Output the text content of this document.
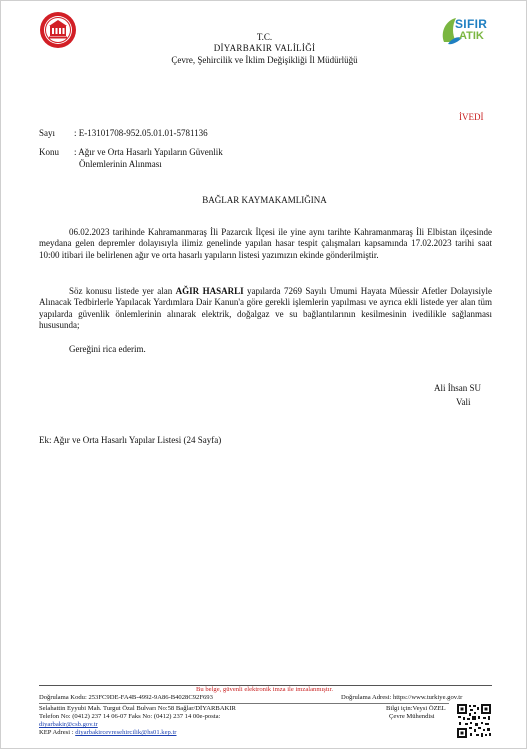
SIFIR
ATIK
T.C.
DİYARBAKIR VALİLİĞİ
Çevre, Şehircilik ve İklim Değişikliği İl Müdürlüğü
İVEDİ
Sayı : E-13101708-952.05.01.01-5781136
Konu : Ağır ve Orta Hasarlı Yapıların Güvenlik
Önlemlerinin Alınması
BAĞLAR KAYMAKAMLIĞINA
06.02.2023 tarihinde Kahramanmaraş İli Pazarcık İlçesi ile yine aynı tarihte Kahramanmaraş İli Elbistan ilçesinde meydana gelen depremler dolayısıyla ilimiz genelinde yapılan hasar tespit çalışmaları kapsamında 17.02.2023 tarihi saat 10:00 itibari ile belirlenen ağır ve orta hasarlı yapıların listesi yazımızın ekinde gönderilmiştir.
Söz konusu listede yer alan AĞIR HASARLI yapılarda 7269 Sayılı Umumi Hayata Müessir Afetler Dolayısiyle Alınacak Tedbirlerle Yapılacak Yardımlara Dair Kanun'a göre gerekli işlemlerin yapılması ve ayrıca ekli listede yer alan tüm yapılarda güvenlik önlemlerinin alınarak elektrik, doğalgaz ve su bağlantılarının kesilmesinin ivedilikle sağlanması hususunda;
Gereğini rica ederim.
Ali İhsan SU
Vali
Ek: Ağır ve Orta Hasarlı Yapılar Listesi (24 Sayfa)
Bu belge, güvenli elektronik imza ile imzalanmıştır.
Doğrulama Kodu: 253FC9DE-FA4B-4992-9A86-B4028C92F693	Doğrulama Adresi: https://www.turkiye.gov.tr
Selahattin Eyyubi Mah. Turgut Özal Bulvarı No:58 Bağlar/DİYARBAKIR	Bilgi için:Veysi ÖZEL
Telefon No: (0412) 237 14 06-07 Faks No: (0412) 237 14 00e-posta:	Çevre Mühendisi
diyarbakir@csb.gov.tr
KEP Adresi : diyarbakircevresehircilik@hs01.kep.tr
